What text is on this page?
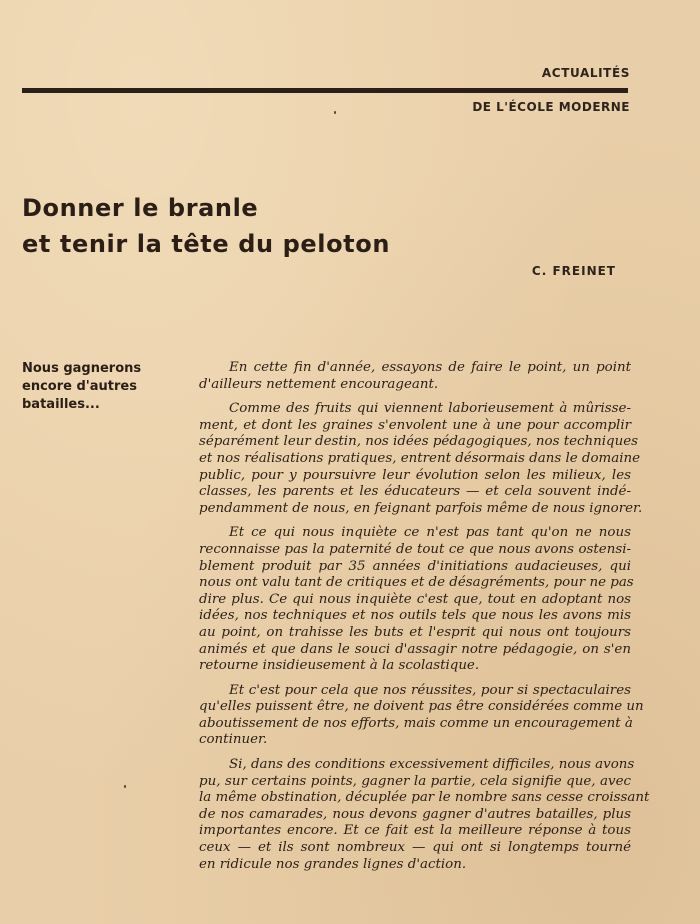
ACTUALITÉS
DE L'ÉCOLE MODERNE
Donner le branle
et tenir la tête du peloton
C. FREINET
Nous gagnerons
encore d'autres
batailles...
En cette fin d'année, essayons de faire le point, un point
d'ailleurs nettement encourageant.
Comme des fruits qui viennent laborieusement à mûrisse-
ment, et dont les graines s'envolent une à une pour accomplir
séparément leur destin, nos idées pédagogiques, nos techniques
et nos réalisations pratiques, entrent désormais dans le domaine
public, pour y poursuivre leur évolution selon les milieux, les
classes, les parents et les éducateurs — et cela souvent indé-
pendamment de nous, en feignant parfois même de nous ignorer.
Et ce qui nous inquiète ce n'est pas tant qu'on ne nous
reconnaisse pas la paternité de tout ce que nous avons ostensi-
blement produit par 35 années d'initiations audacieuses, qui
nous ont valu tant de critiques et de désagréments, pour ne pas
dire plus. Ce qui nous inquiète c'est que, tout en adoptant nos
idées, nos techniques et nos outils tels que nous les avons mis
au point, on trahisse les buts et l'esprit qui nous ont toujours
animés et que dans le souci d'assagir notre pédagogie, on s'en
retourne insidieusement à la scolastique.
Et c'est pour cela que nos réussites, pour si spectaculaires
qu'elles puissent être, ne doivent pas être considérées comme un
aboutissement de nos efforts, mais comme un encouragement à
continuer.
Si, dans des conditions excessivement difficiles, nous avons
pu, sur certains points, gagner la partie, cela signifie que, avec
la même obstination, décuplée par le nombre sans cesse croissant
de nos camarades, nous devons gagner d'autres batailles, plus
importantes encore. Et ce fait est la meilleure réponse à tous
ceux — et ils sont nombreux — qui ont si longtemps tourné
en ridicule nos grandes lignes d'action.
